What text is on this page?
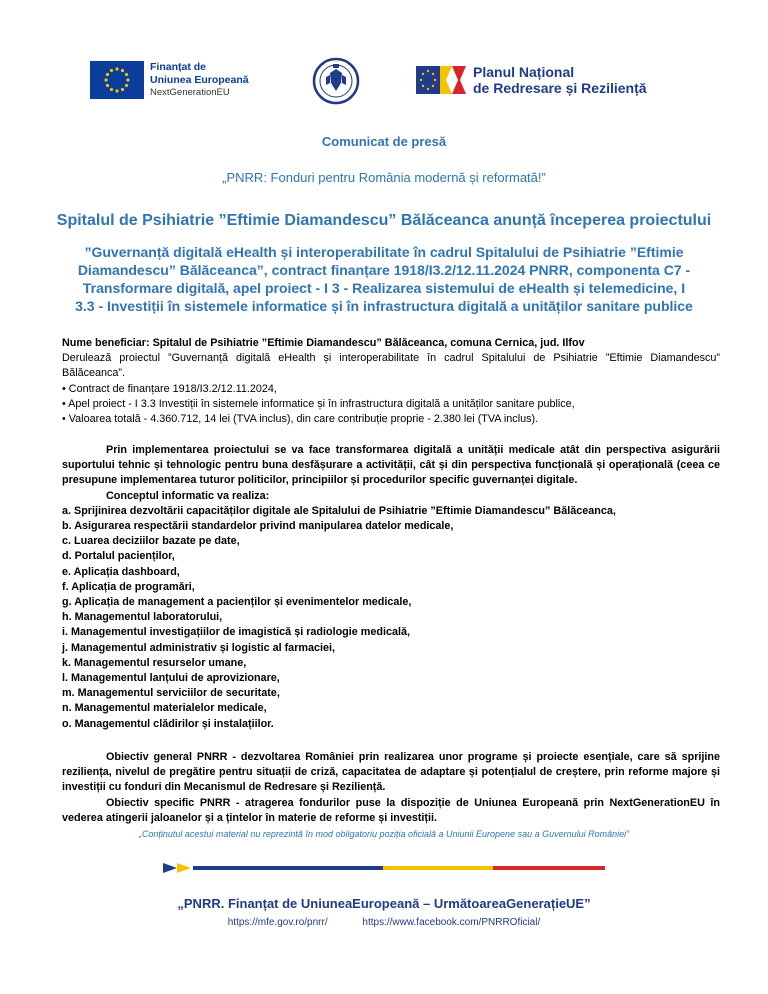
Finanțat de
Uniunea Europeană
NextGenerationEU
Planul Național
de Redresare și Reziliență
Comunicat de presă
„PNRR: Fonduri pentru România modernă și reformată!”
Spitalul de Psihiatrie ”Eftimie Diamandescu” Bălăceanca anunță începerea proiectului
”Guvernanță digitală eHealth și interoperabilitate în cadrul Spitalului de Psihiatrie ”Eftimie Diamandescu” Bălăceanca”, contract finanțare 1918/I3.2/12.11.2024 PNRR, componenta C7 - Transformare digitală, apel proiect - I 3 - Realizarea sistemului de eHealth și telemedicine, I 3.3 - Investiții în sistemele informatice și în infrastructura digitală a unităților sanitare publice
Nume beneficiar: Spitalul de Psihiatrie ”Eftimie Diamandescu” Bălăceanca, comuna Cernica, jud. Ilfov
Derulează proiectul ”Guvernanță digitală eHealth și interoperabilitate în cadrul Spitalului de Psihiatrie ”Eftimie Diamandescu” Bălăceanca”.
• Contract de finanțare 1918/I3.2/12.11.2024,
• Apel proiect - I 3.3 Investiții în sistemele informatice și în infrastructura digitală a unităților sanitare publice,
• Valoarea totală - 4.360.712, 14 lei (TVA inclus), din care contribuție proprie - 2.380 lei (TVA inclus).
Prin implementarea proiectului se va face transformarea digitală a unității medicale atât din perspectiva asigurării suportului tehnic și tehnologic pentru buna desfășurare a activității, cât și din perspectiva funcțională și operațională (ceea ce presupune implementarea tuturor politicilor, principiilor și procedurilor specific guvernanței digitale.
Conceptul informatic va realiza:
a. Sprijinirea dezvoltării capacităților digitale ale Spitalului de Psihiatrie ”Eftimie Diamandescu” Bălăceanca,
b. Asigurarea respectării standardelor privind manipularea datelor medicale,
c. Luarea deciziilor bazate pe date,
d. Portalul pacienților,
e. Aplicația dashboard,
f. Aplicația de programări,
g. Aplicația de management a pacienților și evenimentelor medicale,
h. Managementul laboratorului,
i. Managementul investigațiilor de imagistică și radiologie medicală,
j. Managementul administrativ și logistic al farmaciei,
k. Managementul resurselor umane,
l. Managementul lanțului de aprovizionare,
m. Managementul serviciilor de securitate,
n. Managementul materialelor medicale,
o. Managementul clădirilor și instalațiilor.
Obiectiv general PNRR - dezvoltarea României prin realizarea unor programe și proiecte esențiale, care să sprijine reziliența, nivelul de pregătire pentru situații de criză, capacitatea de adaptare și potențialul de creștere, prin reforme majore și investiții cu fonduri din Mecanismul de Redresare și Reziliență.
Obiectiv specific PNRR - atragerea fondurilor puse la dispoziție de Uniunea Europeană prin NextGenerationEU în vederea atingerii jaloanelor și a țintelor în materie de reforme și investiții.
„Conținutul acestui material nu reprezintă în mod obligatoriu poziția oficială a Uniunii Europene sau a Guvernului României”
„PNRR. Finanțat de UniuneaEuropeană – UrmătoareaGenerațieUE”
https://mfe.gov.ro/pnrr/	https://www.facebook.com/PNRROficial/
